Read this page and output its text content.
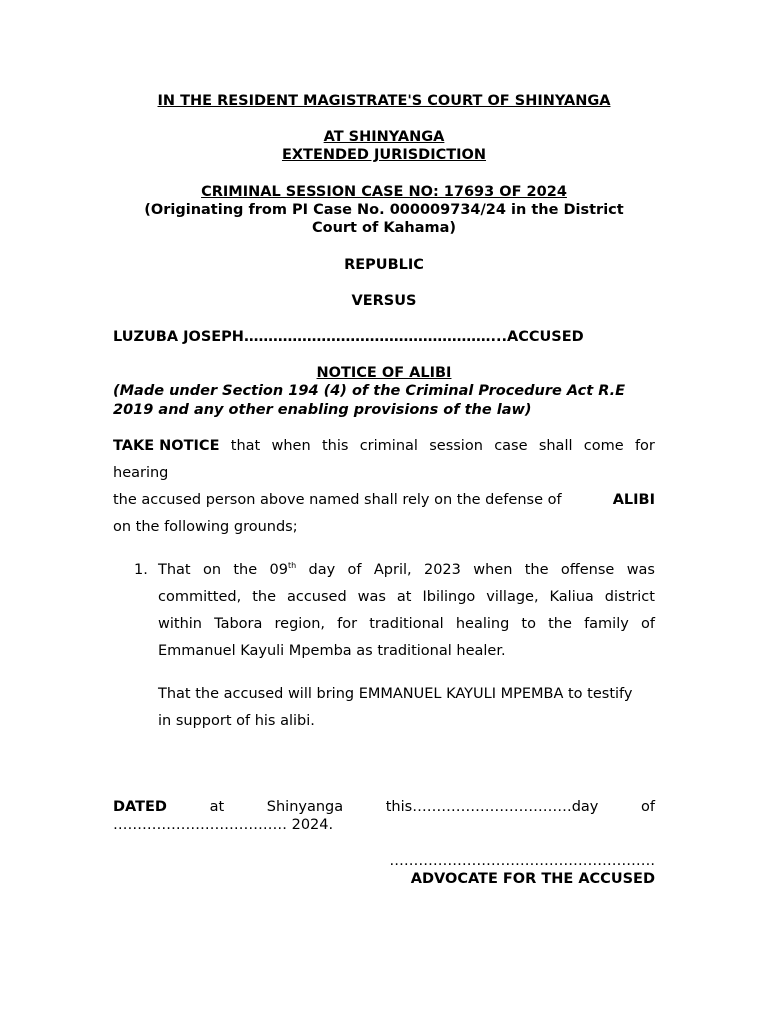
IN THE RESIDENT MAGISTRATE'S COURT OF SHINYANGA
AT SHINYANGA
EXTENDED JURISDICTION
CRIMINAL SESSION CASE NO: 17693 OF 2024
(Originating from PI Case No. 000009734/24 in the District
Court of Kahama)
REPUBLIC
VERSUS
LUZUBA JOSEPH……………………………………………...ACCUSED
NOTICE OF ALIBI
(Made under Section 194 (4) of the Criminal Procedure Act R.E
2019 and any other enabling provisions of the law)
TAKE NOTICE that when this criminal session case shall come for
hearing
the accused person above named shall rely on the defense of	ALIBI
on the following grounds;
1. That on the 09th day of April, 2023 when the offense was
committed, the accused was at Ibilingo village, Kaliua district
within Tabora region, for traditional healing to the family of
Emmanuel Kayuli Mpemba as traditional healer.
That the accused will bring EMMANUEL KAYULI MPEMBA to testify
in support of his alibi.
DATED	at	Shinyanga	this……………………………day	of
……………………………… 2024.
……………………………………………….
ADVOCATE FOR THE ACCUSED
